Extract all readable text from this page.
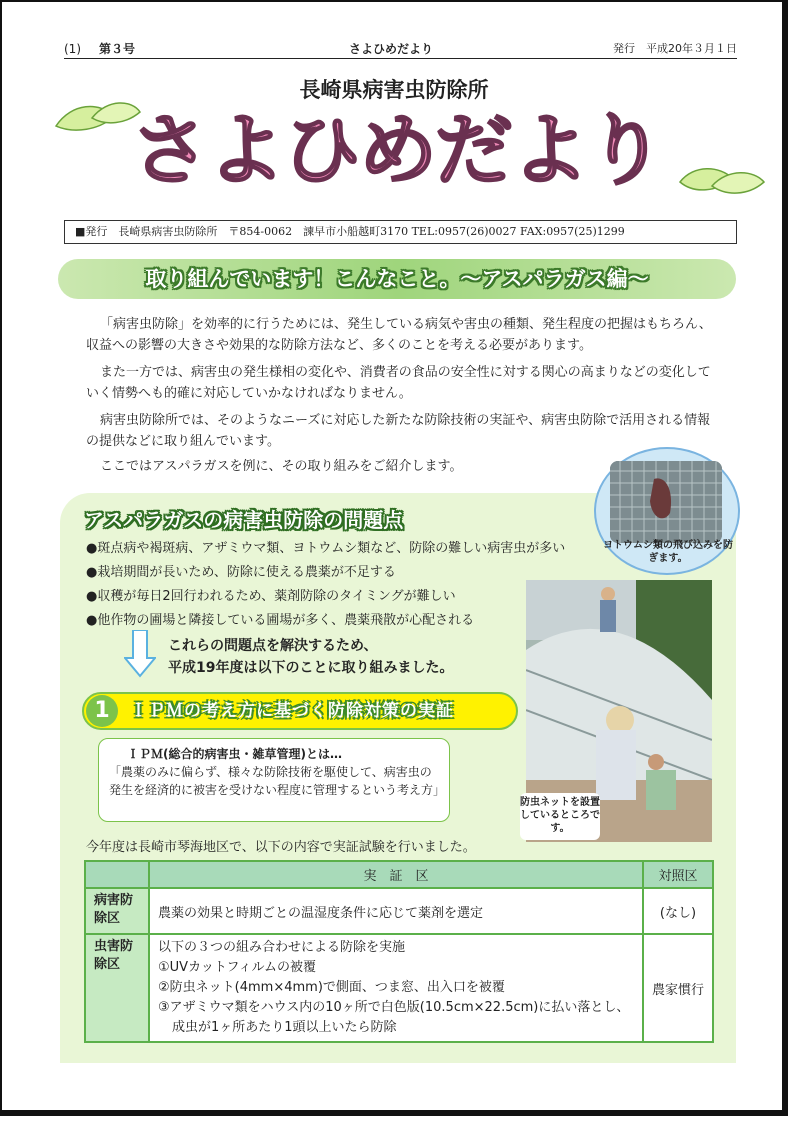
(1) 第３号	さよひめだより	発行　平成20年３月１日
長崎県病害虫防除所
さよひめだより
■発行　長崎県病害虫防除所　〒854-0062　諫早市小船越町3170 TEL:0957(26)0027 FAX:0957(25)1299
取り組んでいます！こんなこと。～アスパラガス編～

「病害虫防除」を効率的に行うためには、発生している病気や害虫の種類、発生程度の把握はもちろん、収益への影響の大きさや効果的な防除方法など、多くのことを考える必要があります。

また一方では、病害虫の発生様相の変化や、消費者の食品の安全性に対する関心の高まりなどの変化していく情勢へも的確に対応していかなければなりません。

病害虫防除所では、そのようなニーズに対応した新たな防除技術の実証や、病害虫防除で活用される情報の提供などに取り組んでいます。

ここではアスパラガスを例に、その取り組みをご紹介します。

アスパラガスの病害虫防除の問題点
●斑点病や褐斑病、アザミウマ類、ヨトウムシ類など、防除の難しい病害虫が多い
●栽培期間が長いため、防除に使える農薬が不足する
●収穫が毎日2回行われるため、薬剤防除のタイミングが難しい
●他作物の圃場と隣接している圃場が多く、農薬飛散が心配される
これらの問題点を解決するため、
平成19年度は以下のことに取り組みました。
1	ＩＰＭの考え方に基づく防除対策の実証
ＩＰＭ(総合的病害虫・雑草管理)とは…
「農薬のみに偏らず、様々な防除技術を駆使して、病害虫の発生を経済的に被害を受けない程度に管理するという考え方」
今年度は長崎市琴海地区で、以下の内容で実証試験を行いました。
	実　証　区	対照区
病害防除区	農薬の効果と時期ごとの温湿度条件に応じて薬剤を選定	(なし)
虫害防除区	以下の３つの組み合わせによる防除を実施
①UVカットフィルムの被覆
②防虫ネット(4mm×4mm)で側面、つま窓、出入口を被覆
③アザミウマ類をハウス内の10ヶ所で白色版(10.5cm×22.5cm)に払い落とし、
成虫が1ヶ所あたり1頭以上いたら防除	農家慣行
ヨトウムシ類の飛び込みを防ぎます。
防虫ネットを設置しているところです。
